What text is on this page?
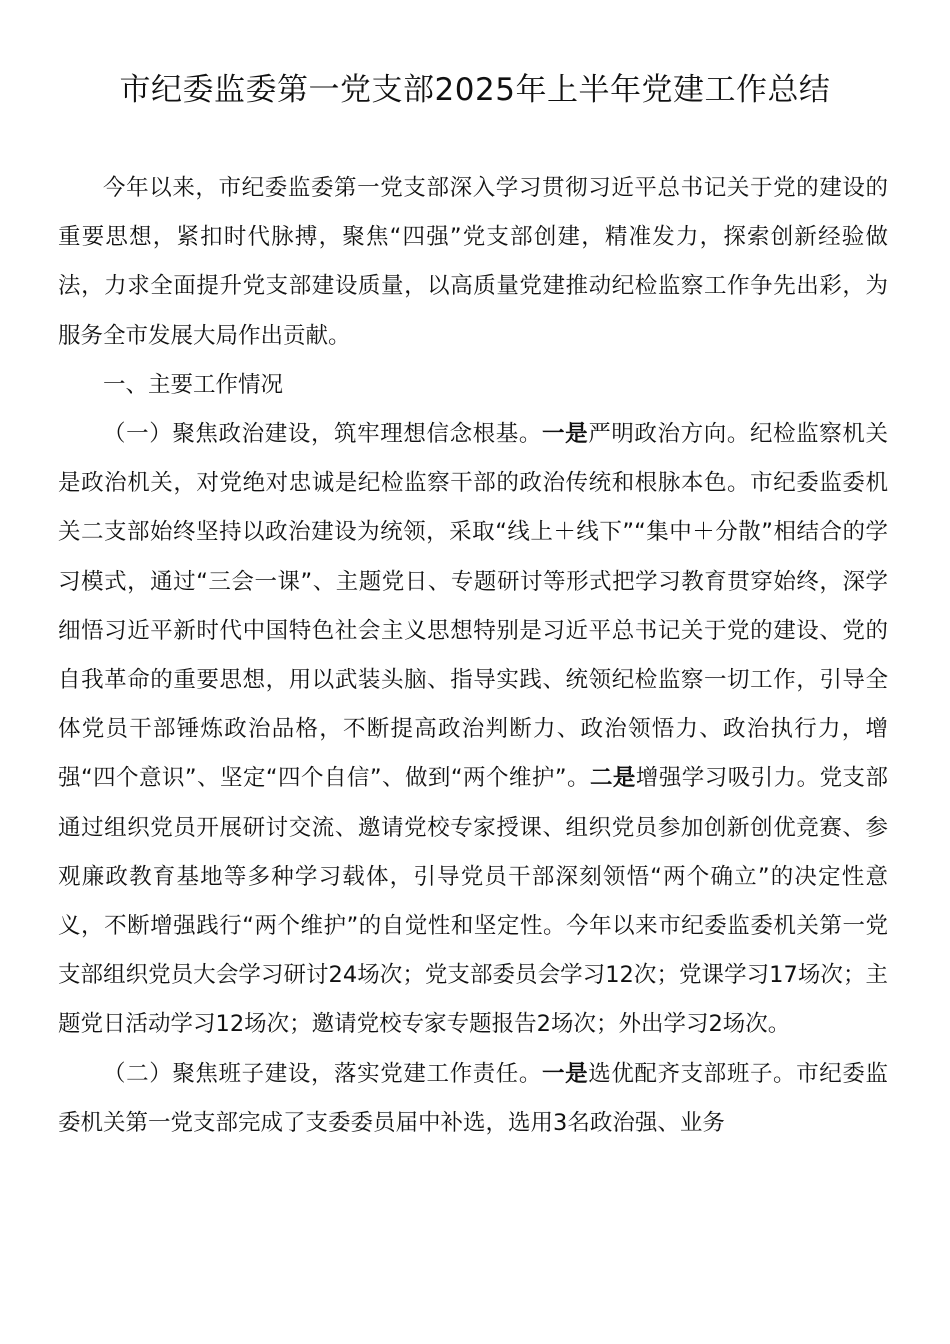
市纪委监委第一党支部2025年上半年党建工作总结

今年以来，市纪委监委第一党支部深入学习贯彻习近平总书记关于党的建设的重要思想，紧扣时代脉搏，聚焦“四强”党支部创建，精准发力，探索创新经验做法，力求全面提升党支部建设质量，以高质量党建推动纪检监察工作争先出彩，为服务全市发展大局作出贡献。

一、主要工作情况

（一）聚焦政治建设，筑牢理想信念根基。一是严明政治方向。纪检监察机关是政治机关，对党绝对忠诚是纪检监察干部的政治传统和根脉本色。市纪委监委机关二支部始终坚持以政治建设为统领，采取“线上＋线下”“集中＋分散”相结合的学习模式，通过“三会一课”、主题党日、专题研讨等形式把学习教育贯穿始终，深学细悟习近平新时代中国特色社会主义思想特别是习近平总书记关于党的建设、党的自我革命的重要思想，用以武装头脑、指导实践、统领纪检监察一切工作，引导全体党员干部锤炼政治品格，不断提高政治判断力、政治领悟力、政治执行力，增强“四个意识”、坚定“四个自信”、做到“两个维护”。二是增强学习吸引力。党支部通过组织党员开展研讨交流、邀请党校专家授课、组织党员参加创新创优竞赛、参观廉政教育基地等多种学习载体，引导党员干部深刻领悟“两个确立”的决定性意义，不断增强践行“两个维护”的自觉性和坚定性。今年以来市纪委监委机关第一党支部组织党员大会学习研讨24场次；党支部委员会学习12次；党课学习17场次；主题党日活动学习12场次；邀请党校专家专题报告2场次；外出学习2场次。

（二）聚焦班子建设，落实党建工作责任。一是选优配齐支部班子。市纪委监委机关第一党支部完成了支委委员届中补选，选用3名政治强、业务
